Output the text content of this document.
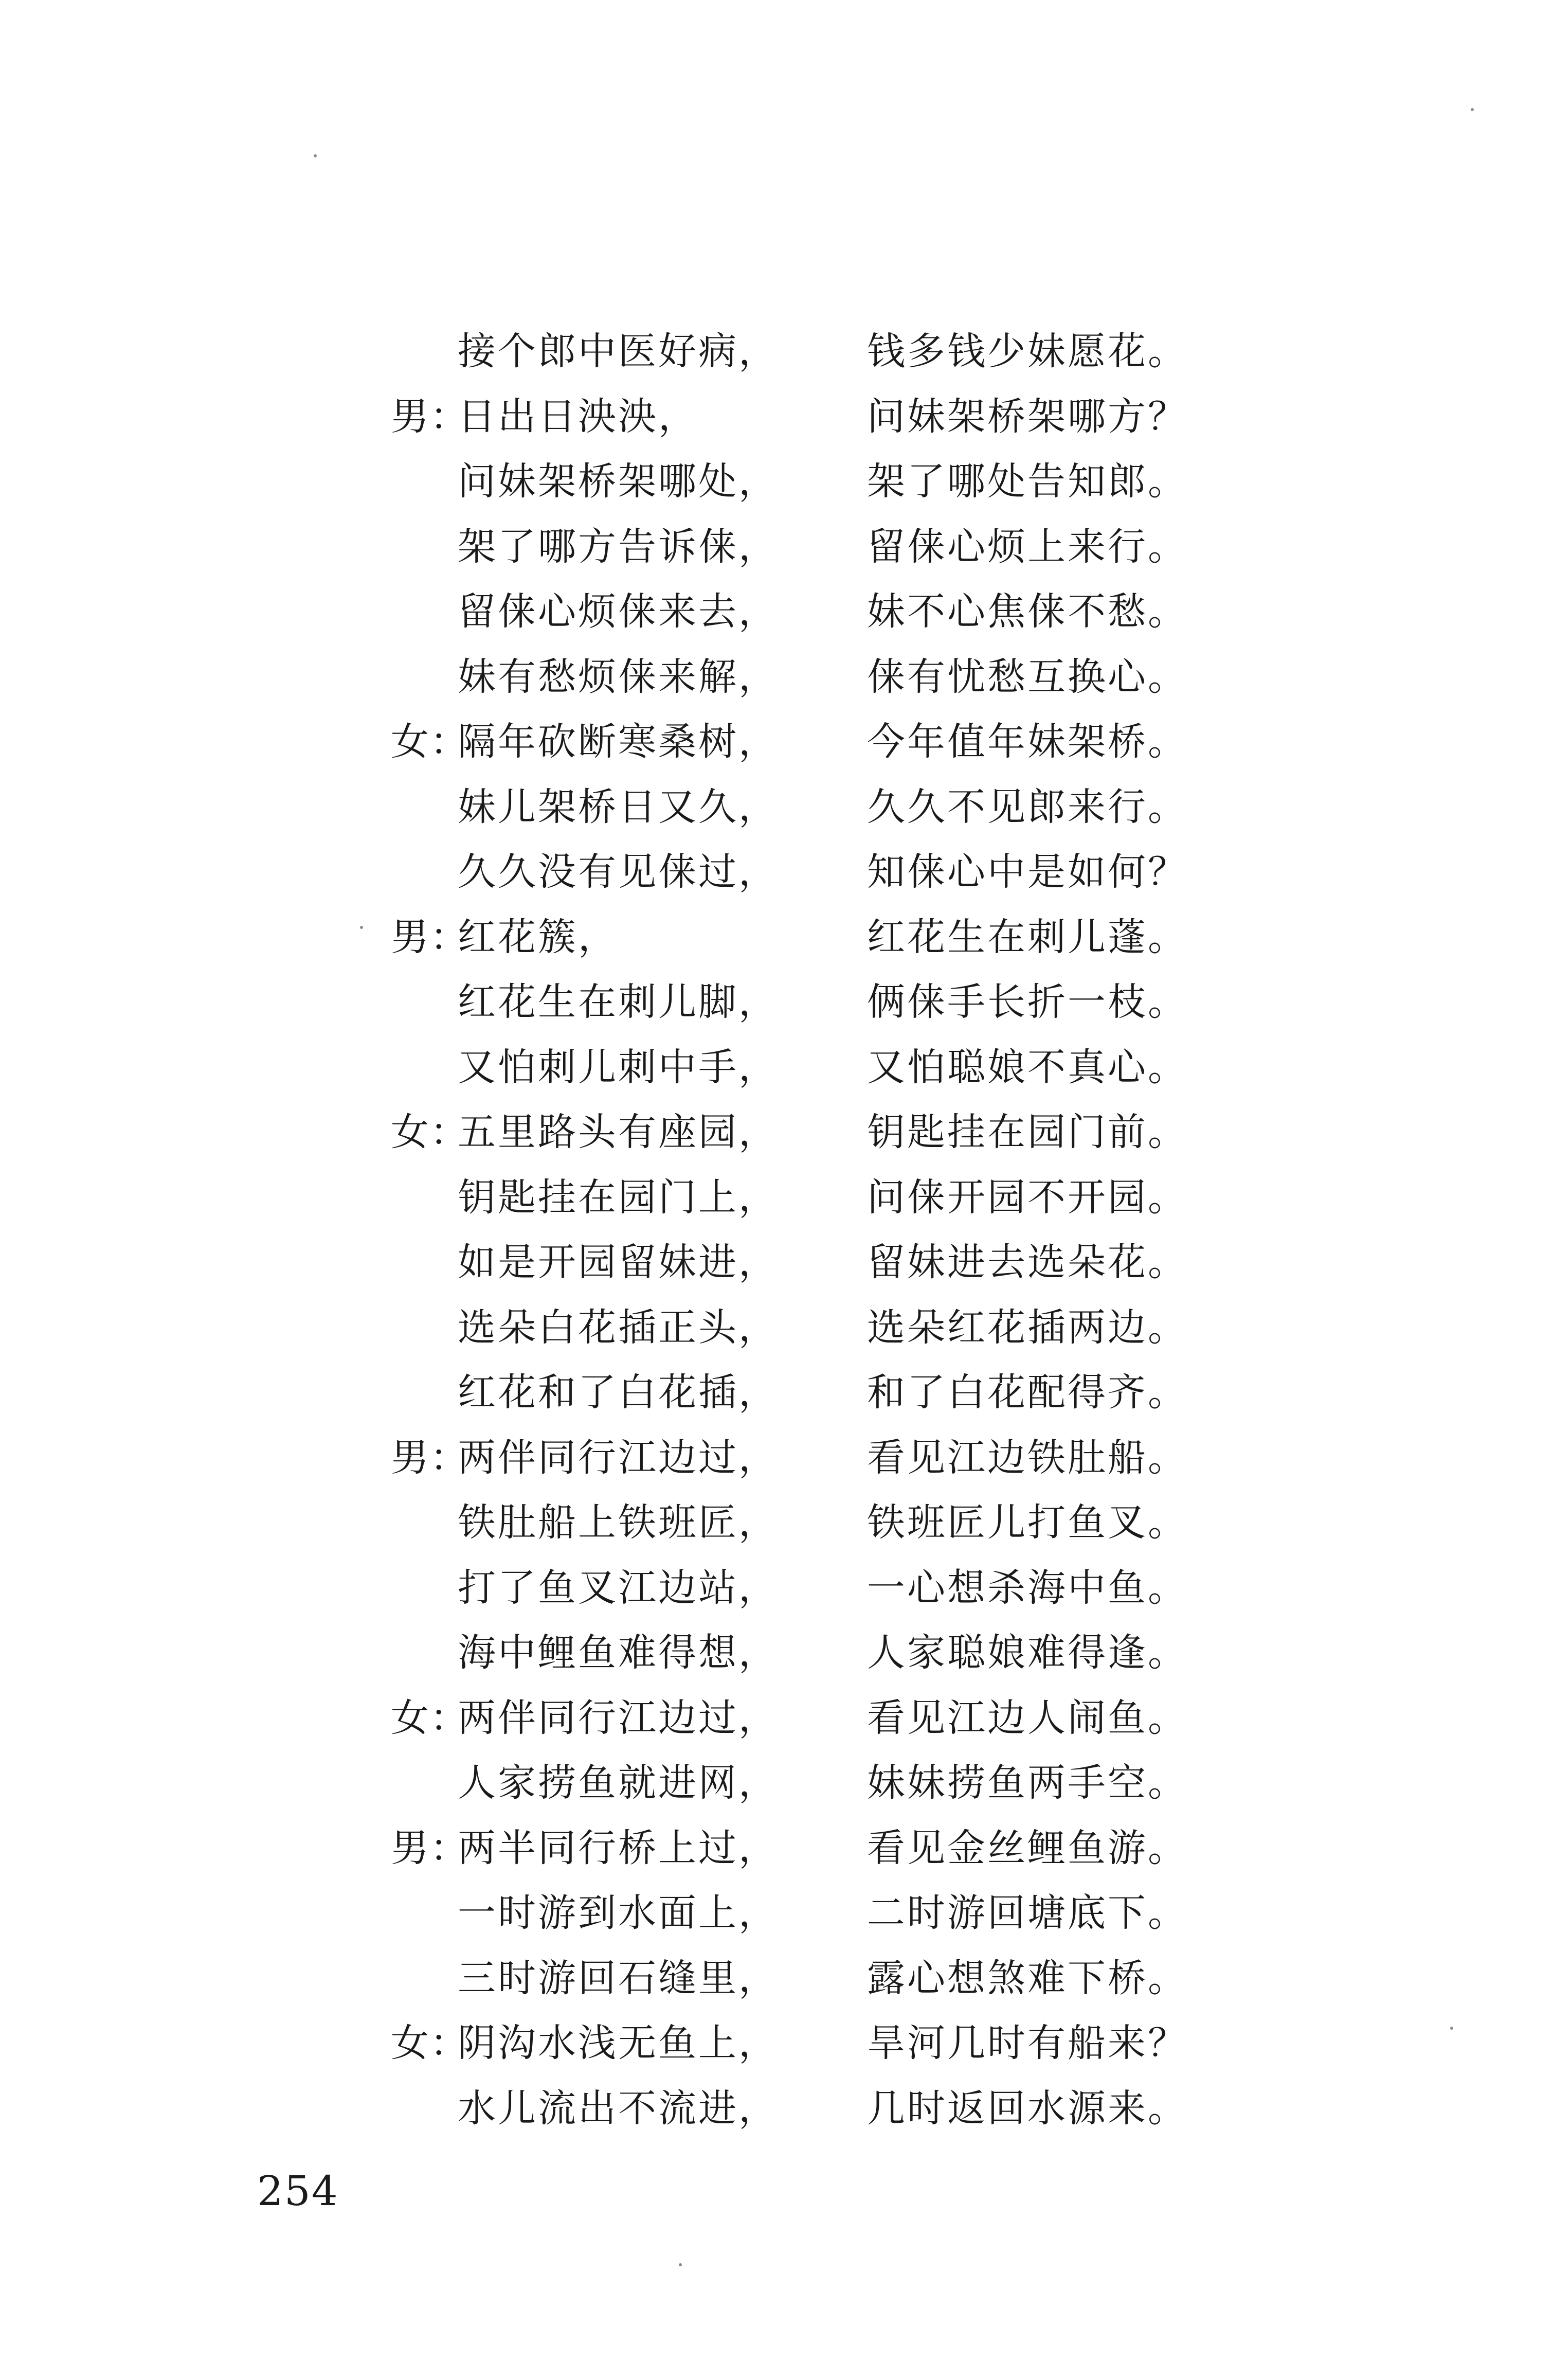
接个郎中医好病， 钱多钱少妹愿花。
男：
日出日泱泱，	问妹架桥架哪方？
问妹架桥架哪处， 架了哪处告知郎。
架了哪方告诉俫， 留俫心烦上来行。
留俫心烦俫来去， 妹不心焦俫不愁。
妹有愁烦俫来解， 俫有忧愁互换心。
女：
隔年砍断寒桑树， 今年值年妹架桥。
妹儿架桥日又久， 久久不见郎来行。
久久没有见俫过， 知俫心中是如何？
男：
红花簇，	红花生在刺儿蓬。
红花生在刺儿脚， 俩俫手长折一枝。
又怕刺儿刺中手， 又怕聪娘不真心。
女：
五里路头有座园， 钥匙挂在园门前。
钥匙挂在园门上， 问俫开园不开园。
如是开园留妹进， 留妹进去选朵花。
选朵白花插正头， 选朵红花插两边。
红花和了白花插， 和了白花配得齐。
男：
两伴同行江边过， 看见江边铁肚船。
铁肚船上铁班匠， 铁班匠儿打鱼叉。
打了鱼叉江边站， 一心想杀海中鱼。
海中鲤鱼难得想， 人家聪娘难得逢。
女：
两伴同行江边过， 看见江边人闹鱼。
人家捞鱼就进网， 妹妹捞鱼两手空。
男：
两半同行桥上过， 看见金丝鲤鱼游。
一时游到水面上， 二时游回塘底下。
三时游回石缝里， 露心想煞难下桥。
女：
阴沟水浅无鱼上， 旱河几时有船来？
水儿流出不流进， 几时返回水源来。
254
